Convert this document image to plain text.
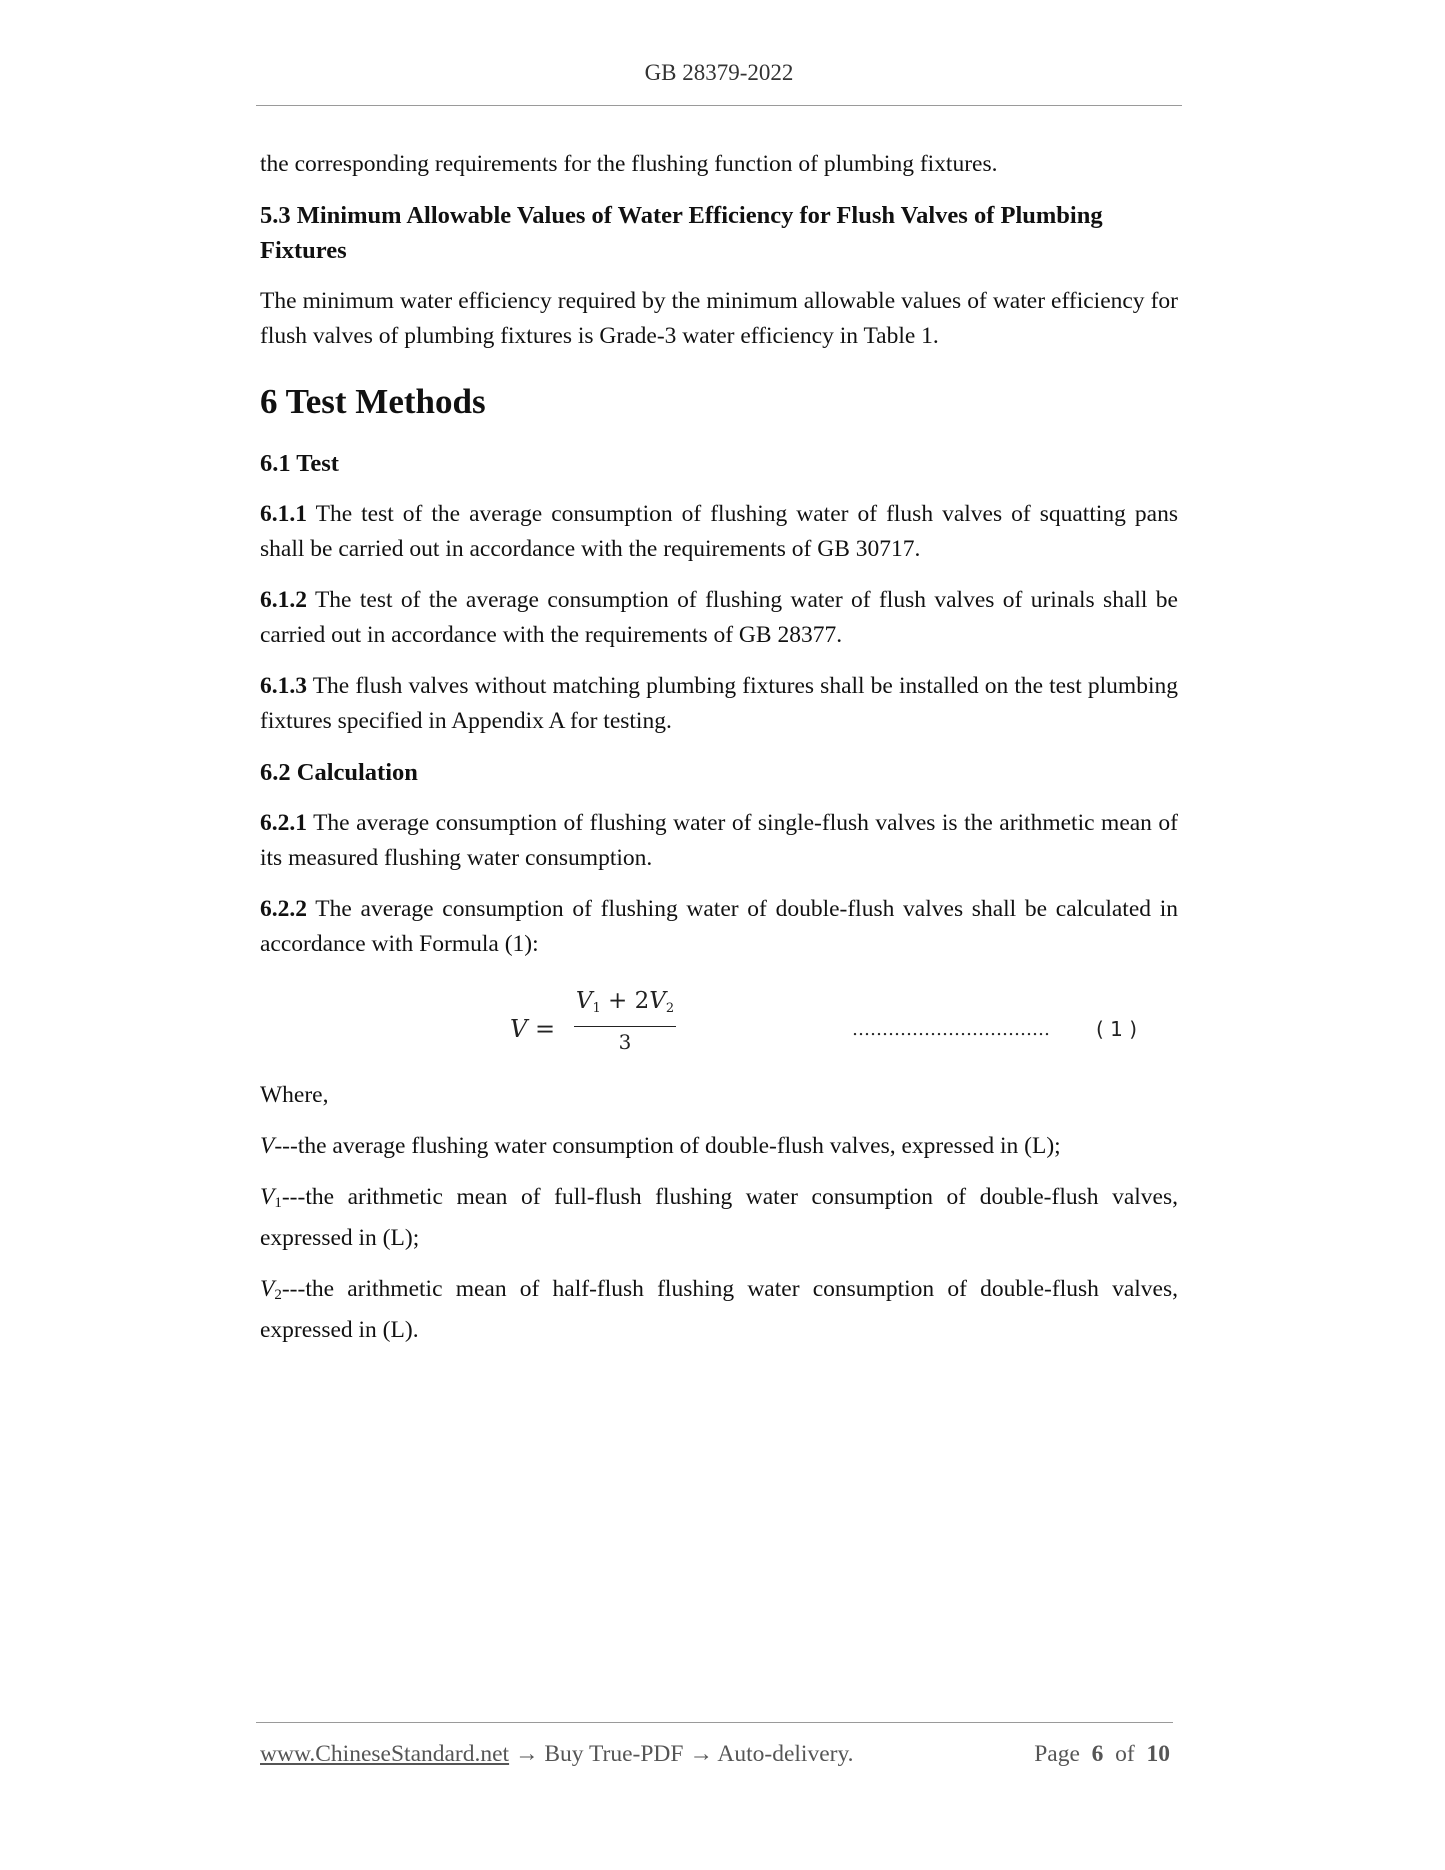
GB 28379-2022

the corresponding requirements for the flushing function of plumbing fixtures.

5.3 Minimum Allowable Values of Water Efficiency for Flush Valves of Plumbing Fixtures

The minimum water efficiency required by the minimum allowable values of water efficiency for flush valves of plumbing fixtures is Grade-3 water efficiency in Table 1.

6 Test Methods
6.1 Test

6.1.1 The test of the average consumption of flushing water of flush valves of squatting pans shall be carried out in accordance with the requirements of GB 30717.

6.1.2 The test of the average consumption of flushing water of flush valves of urinals shall be carried out in accordance with the requirements of GB 28377.

6.1.3 The flush valves without matching plumbing fixtures shall be installed on the test plumbing fixtures specified in Appendix A for testing.

6.2 Calculation

6.2.1 The average consumption of flushing water of single-flush valves is the arithmetic mean of its measured flushing water consumption.

6.2.2 The average consumption of flushing water of double-flush valves shall be calculated in accordance with Formula (1):

V =
V1 + 2V2
3
…………………………… ( 1 )

Where,

V---the average flushing water consumption of double-flush valves, expressed in (L);

V1---the arithmetic mean of full-flush flushing water consumption of double-flush valves, expressed in (L);

V2---the arithmetic mean of half-flush flushing water consumption of double-flush valves, expressed in (L).

www.ChineseStandard.net → Buy True-PDF → Auto-delivery.	Page 6 of 10
